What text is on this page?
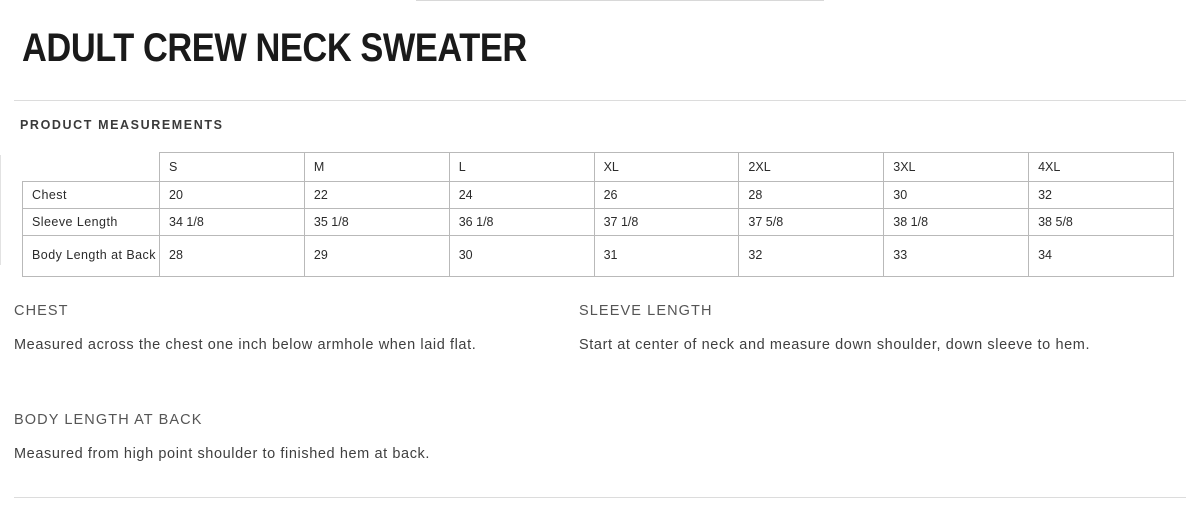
ADULT CREW NECK SWEATER
PRODUCT MEASUREMENTS
	S	M	L	XL	2XL	3XL	4XL
Chest	20	22	24	26	28	30	32
Sleeve Length	34 1/8	35 1/8	36 1/8	37 1/8	37 5/8	38 1/8	38 5/8
Body Length at Back	28	29	30	31	32	33	34
CHEST
Measured across the chest one inch below armhole when laid flat.
SLEEVE LENGTH
Start at center of neck and measure down shoulder, down sleeve to hem.
BODY LENGTH AT BACK
Measured from high point shoulder to finished hem at back.
